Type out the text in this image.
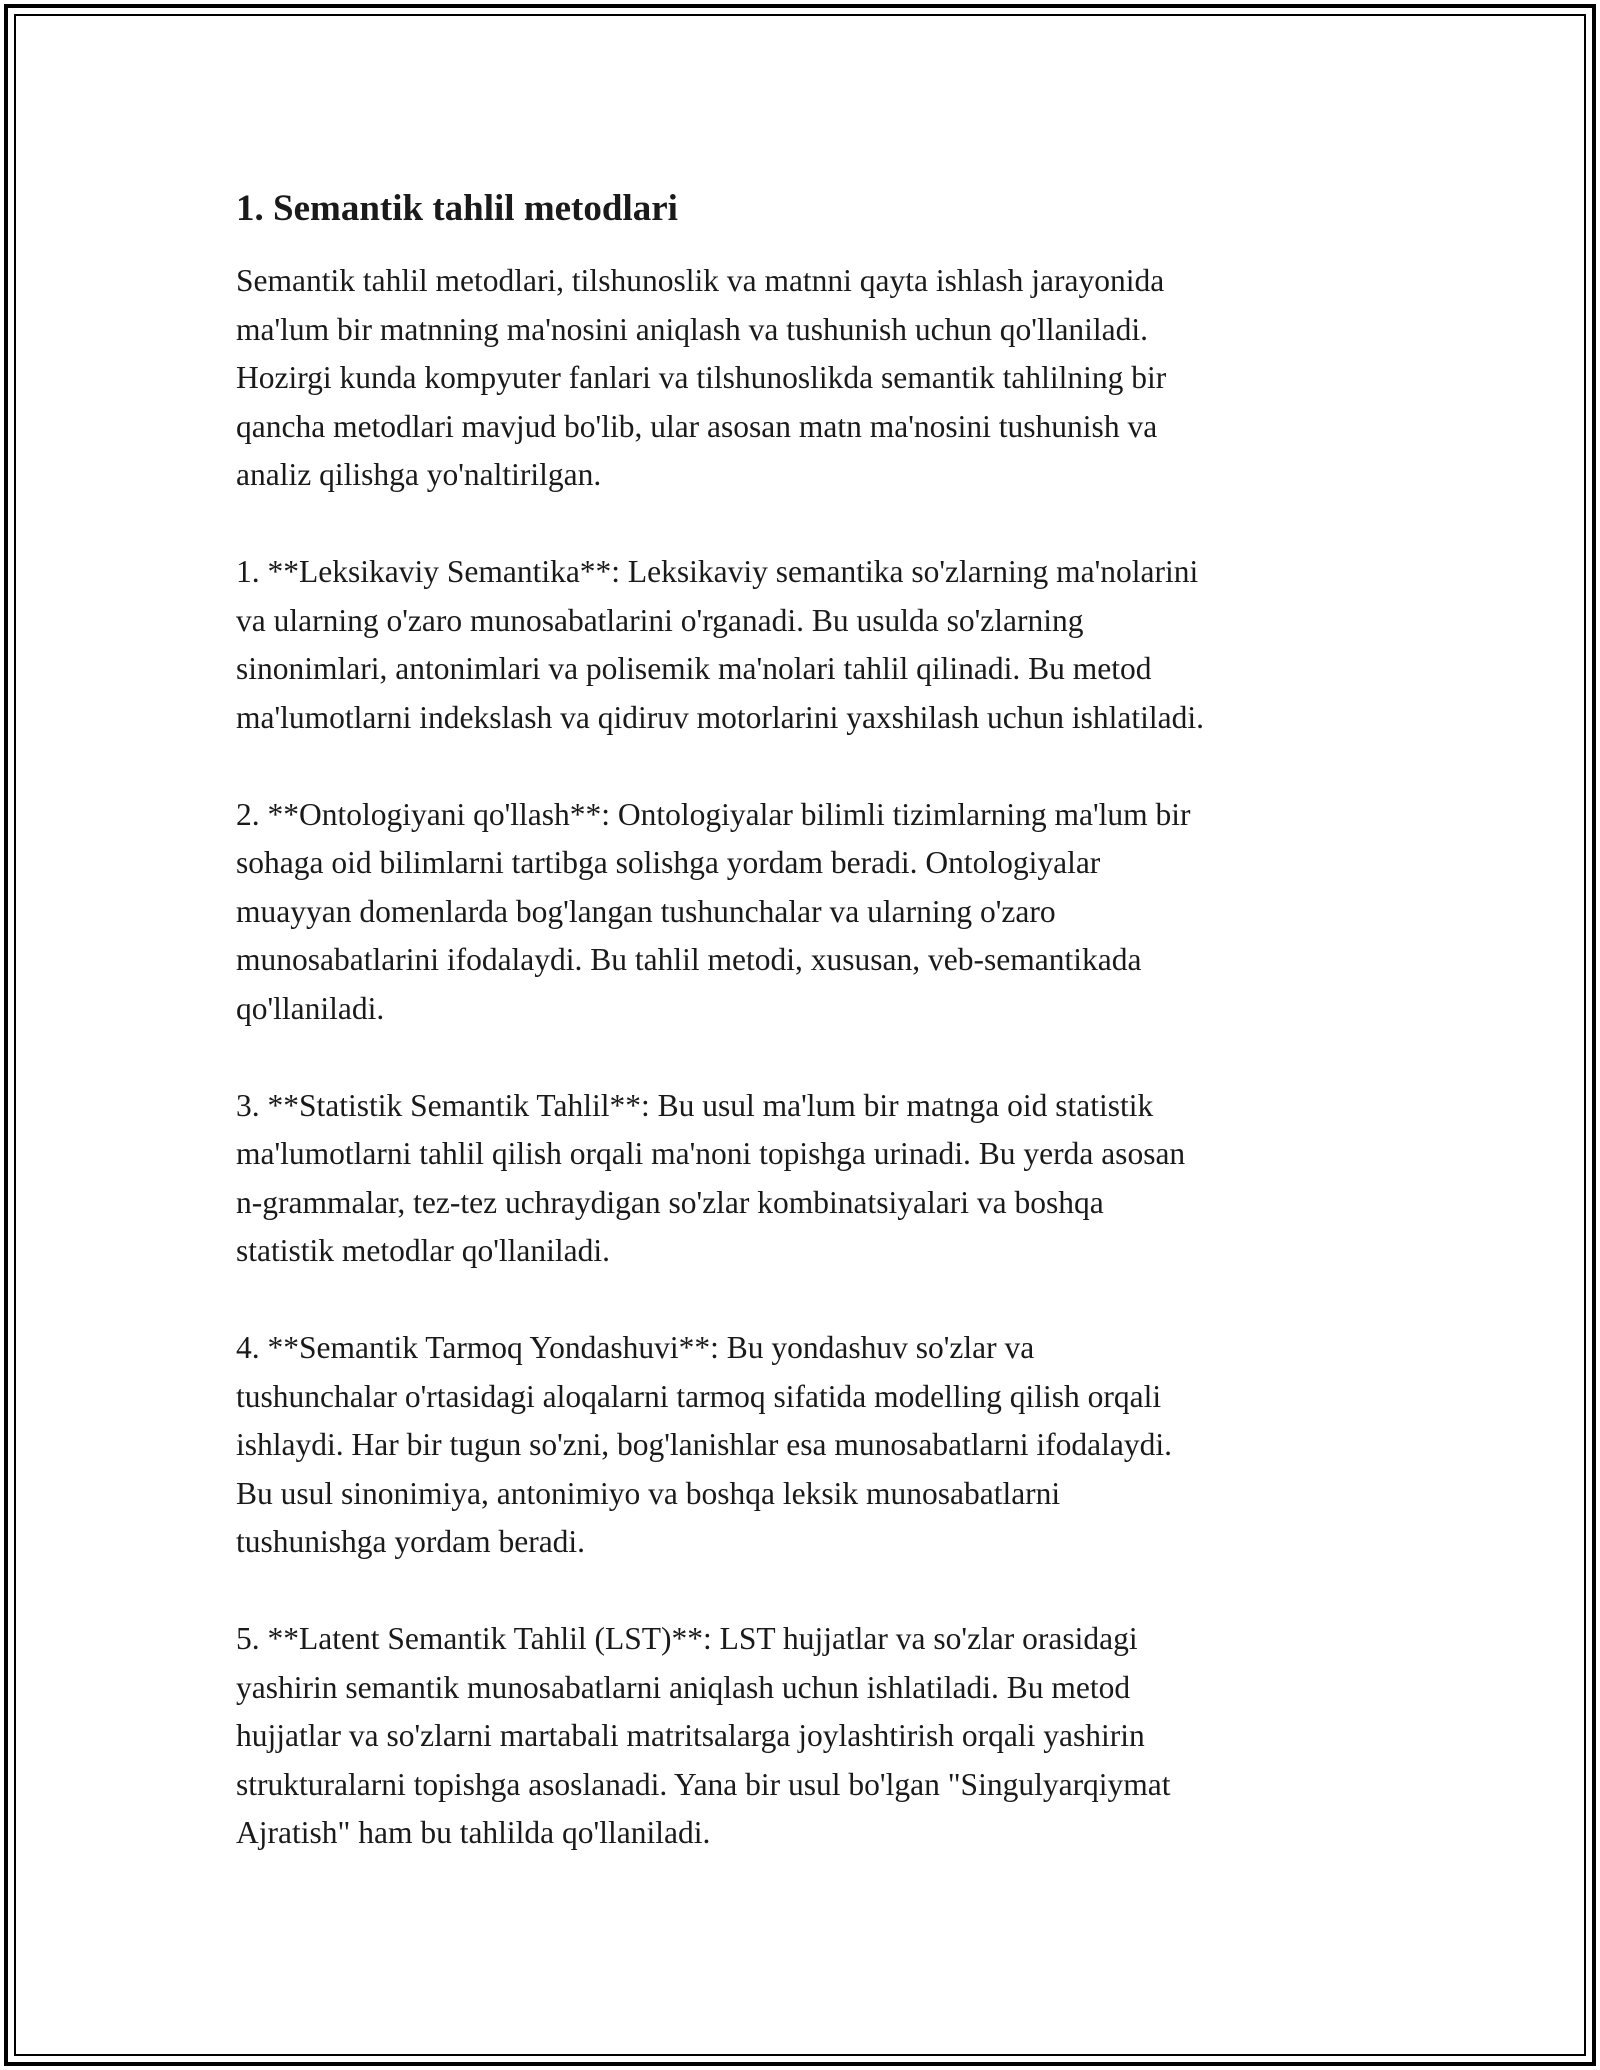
1. Semantik tahlil metodlari

Semantik tahlil metodlari, tilshunoslik va matnni qayta ishlash jarayonida
ma'lum bir matnning ma'nosini aniqlash va tushunish uchun qo'llaniladi.
Hozirgi kunda kompyuter fanlari va tilshunoslikda semantik tahlilning bir
qancha metodlari mavjud bo'lib, ular asosan matn ma'nosini tushunish va
analiz qilishga yo'naltirilgan.

1. **Leksikaviy Semantika**: Leksikaviy semantika so'zlarning ma'nolarini
va ularning o'zaro munosabatlarini o'rganadi. Bu usulda so'zlarning
sinonimlari, antonimlari va polisemik ma'nolari tahlil qilinadi. Bu metod
ma'lumotlarni indekslash va qidiruv motorlarini yaxshilash uchun ishlatiladi.

2. **Ontologiyani qo'llash**: Ontologiyalar bilimli tizimlarning ma'lum bir
sohaga oid bilimlarni tartibga solishga yordam beradi. Ontologiyalar
muayyan domenlarda bog'langan tushunchalar va ularning o'zaro
munosabatlarini ifodalaydi. Bu tahlil metodi, xususan, veb-semantikada
qo'llaniladi.

3. **Statistik Semantik Tahlil**: Bu usul ma'lum bir matnga oid statistik
ma'lumotlarni tahlil qilish orqali ma'noni topishga urinadi. Bu yerda asosan
n-grammalar, tez-tez uchraydigan so'zlar kombinatsiyalari va boshqa
statistik metodlar qo'llaniladi.

4. **Semantik Tarmoq Yondashuvi**: Bu yondashuv so'zlar va
tushunchalar o'rtasidagi aloqalarni tarmoq sifatida modelling qilish orqali
ishlaydi. Har bir tugun so'zni, bog'lanishlar esa munosabatlarni ifodalaydi.
Bu usul sinonimiya, antonimiyo va boshqa leksik munosabatlarni
tushunishga yordam beradi.

5. **Latent Semantik Tahlil (LST)**: LST hujjatlar va so'zlar orasidagi
yashirin semantik munosabatlarni aniqlash uchun ishlatiladi. Bu metod
hujjatlar va so'zlarni martabali matritsalarga joylashtirish orqali yashirin
strukturalarni topishga asoslanadi. Yana bir usul bo'lgan "Singulyarqiymat
Ajratish" ham bu tahlilda qo'llaniladi.
